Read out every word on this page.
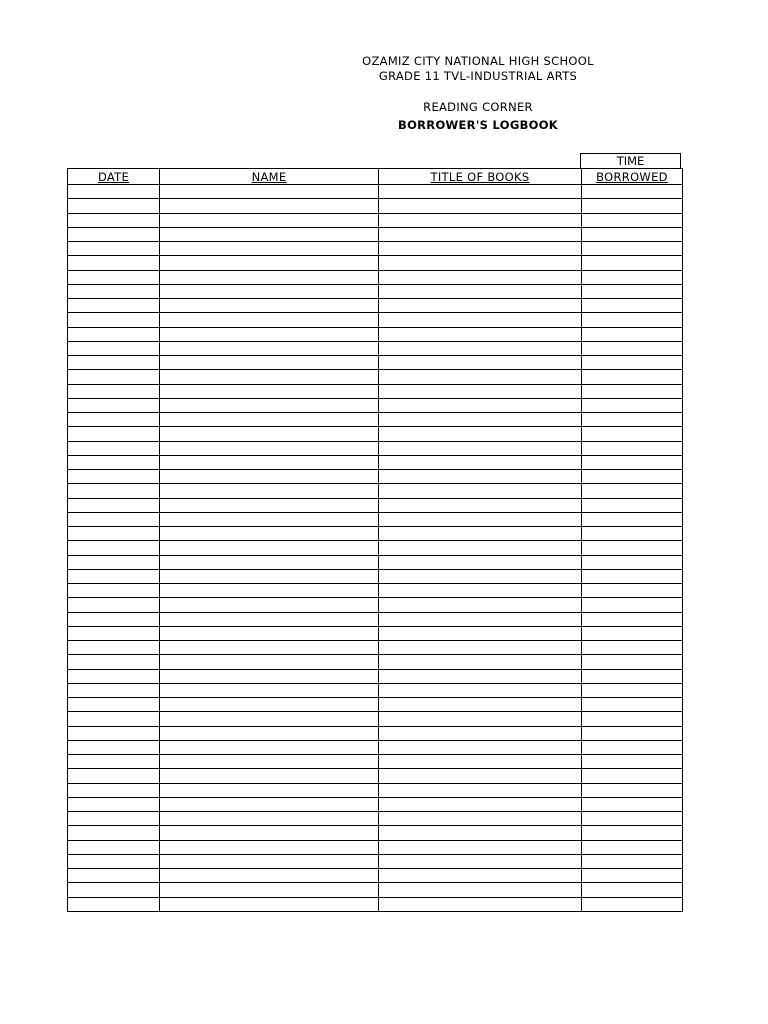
OZAMIZ CITY NATIONAL HIGH SCHOOL
GRADE 11 TVL-INDUSTRIAL ARTS
READING CORNER
BORROWER'S LOGBOOK
TIME
DATE	NAME	TITLE OF BOOKS	BORROWED
